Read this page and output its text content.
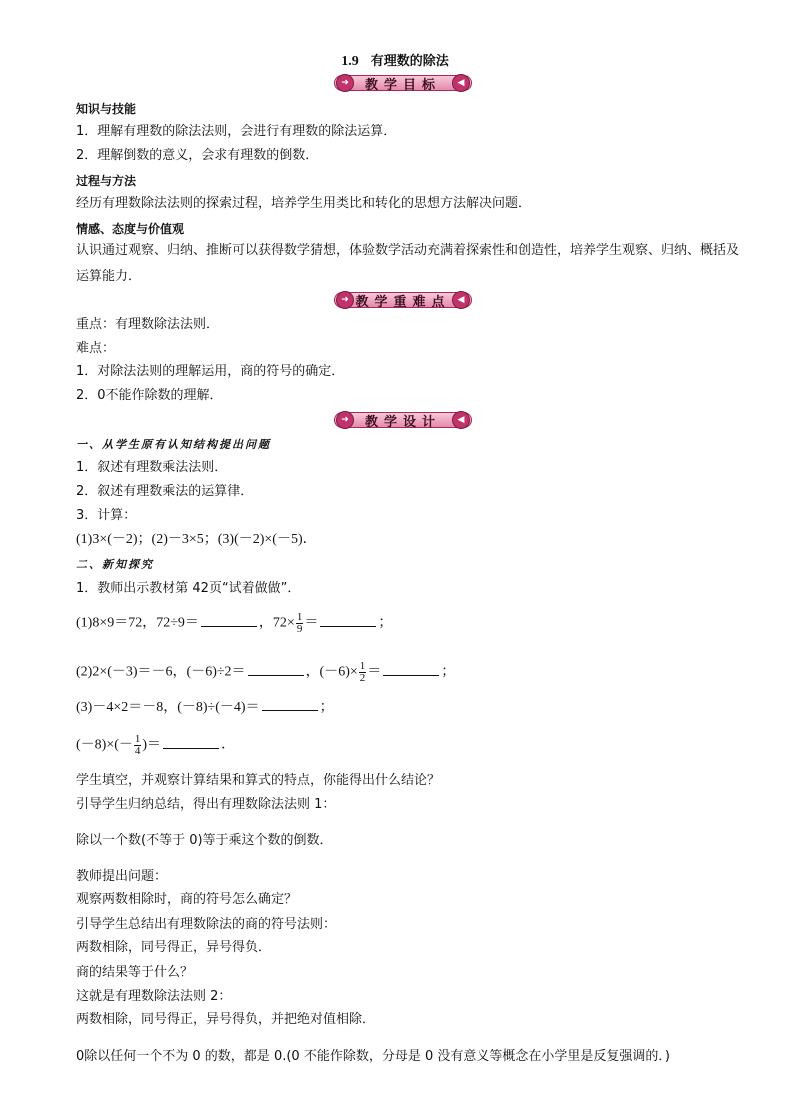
1.9 有理数的除法
➜	教学目标	◀
知识与技能
1．理解有理数的除法法则，会进行有理数的除法运算．
2．理解倒数的意义，会求有理数的倒数．
过程与方法
经历有理数除法法则的探索过程，培养学生用类比和转化的思想方法解决问题．
情感、态度与价值观
认识通过观察、归纳、推断可以获得数学猜想，体验数学活动充满着探索性和创造性，培养学生观察、归纳、概括及运算能力．
➜ 教学重难点 ◀
重点：有理数除法法则．
难点：
1．对除法法则的理解运用，商的符号的确定．
2．0不能作除数的理解．
➜	教学设计	◀
一、从学生原有认知结构提出问题
1．叙述有理数乘法法则．
2．叙述有理数乘法的运算律．
3．计算：
(1)3×(－2)；(2)－3×5；(3)(－2)×(－5)．
二、新知探究
1．教师出示教材第 42页“试着做做”．
(1)8×9＝72，72÷9＝	，$72\times \frac{1}{9}$ ＝	；
(2)2×(－3)＝－6，(－6)÷2＝	，$(-6)\times \frac{1}{2}$ ＝	；
(3)－4×2＝－8，(－8)÷(－4)＝	；
$(-8)\times(- \frac{1}{4}$ )＝	．
学生填空，并观察计算结果和算式的特点，你能得出什么结论？
引导学生归纳总结，得出有理数除法法则 1：
除以一个数(不等于 0)等于乘这个数的倒数．
教师提出问题：
观察两数相除时，商的符号怎么确定？
引导学生总结出有理数除法的商的符号法则：
两数相除，同号得正，异号得负．
商的结果等于什么？
这就是有理数除法法则 2：
两数相除，同号得正，异号得负，并把绝对值相除．
0除以任何一个不为 0 的数，都是 0.(0 不能作除数，分母是 0 没有意义等概念在小学里是反复强调的．)
